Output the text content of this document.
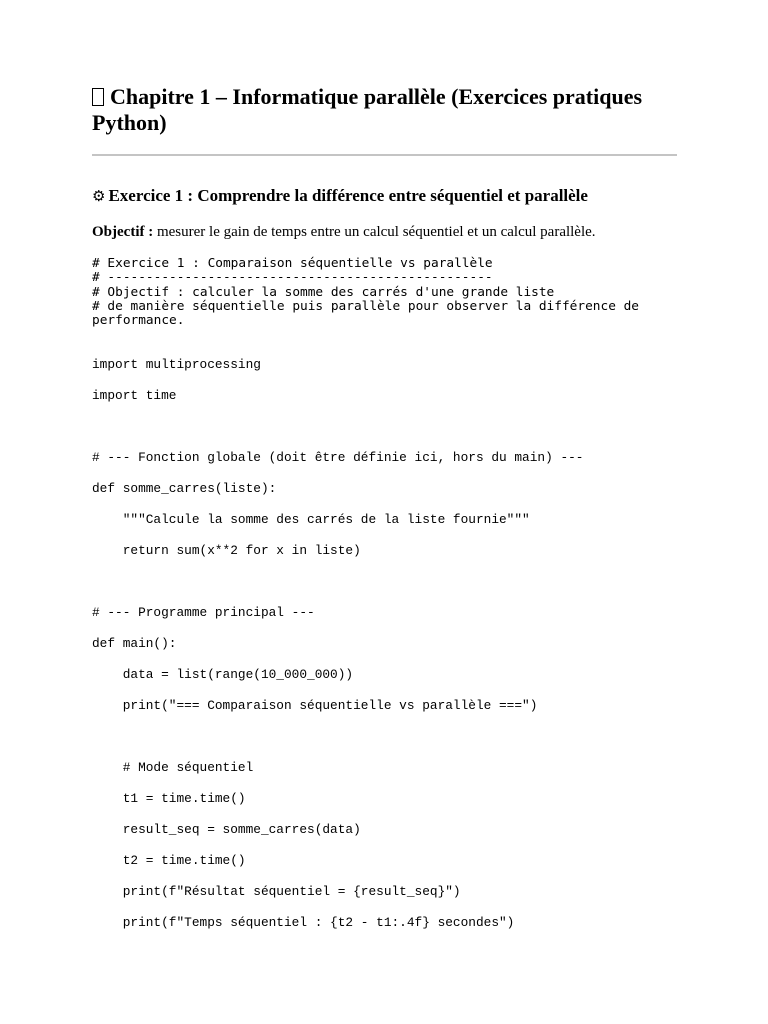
Chapitre 1 – Informatique parallèle (Exercices pratiques Python)
⚙ Exercice 1 : Comprendre la différence entre séquentiel et parallèle
Objectif : mesurer le gain de temps entre un calcul séquentiel et un calcul parallèle.
# Exercice 1 : Comparaison séquentielle vs parallèle
# --------------------------------------------------
# Objectif : calculer la somme des carrés d'une grande liste
# de manière séquentielle puis parallèle pour observer la différence de performance.
import multiprocessing
import time
# --- Fonction globale (doit être définie ici, hors du main) ---
def somme_carres(liste):
"""Calcule la somme des carrés de la liste fournie"""
return sum(x**2 for x in liste)
# --- Programme principal ---
def main():
data = list(range(10_000_000))
print("=== Comparaison séquentielle vs parallèle ===")
# Mode séquentiel
t1 = time.time()
result_seq = somme_carres(data)
t2 = time.time()
print(f"Résultat séquentiel = {result_seq}")
print(f"Temps séquentiel : {t2 - t1:.4f} secondes")
